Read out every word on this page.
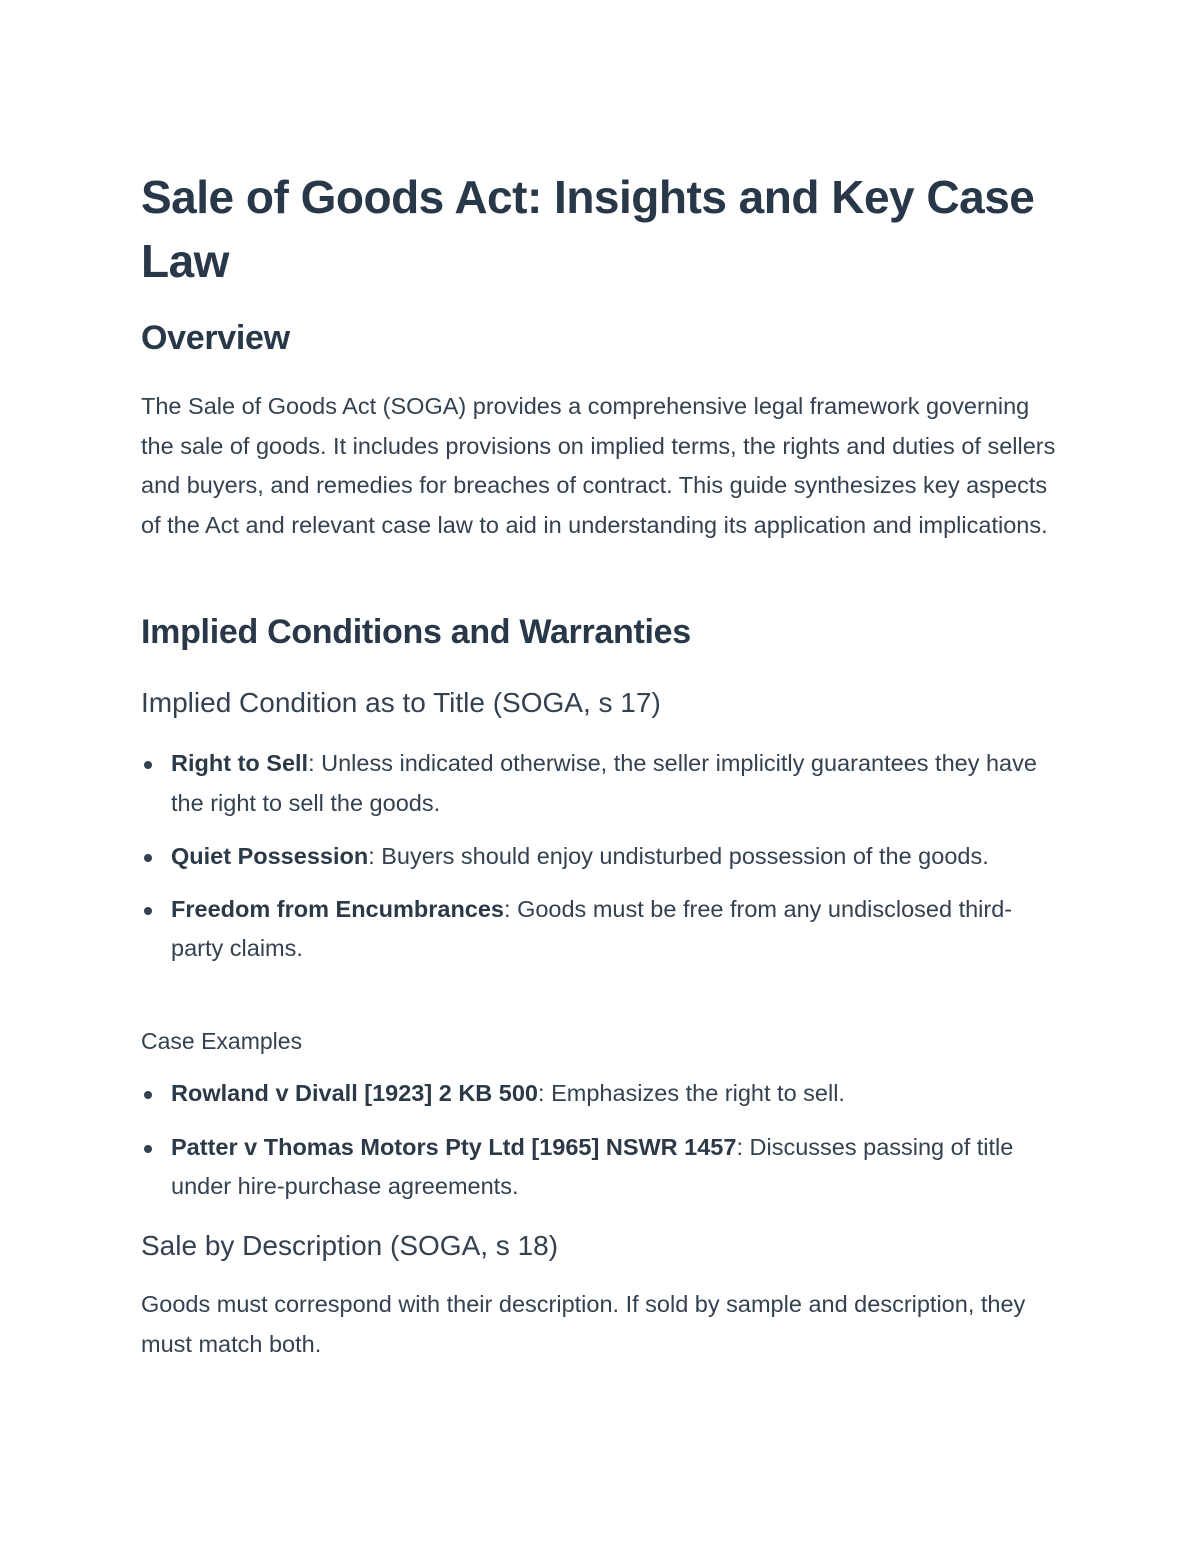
Sale of Goods Act: Insights and Key Case Law
Overview

The Sale of Goods Act (SOGA) provides a comprehensive legal framework governing the sale of goods. It includes provisions on implied terms, the rights and duties of sellers and buyers, and remedies for breaches of contract. This guide synthesizes key aspects of the Act and relevant case law to aid in understanding its application and implications.

Implied Conditions and Warranties
Implied Condition as to Title (SOGA, s 17)
Right to Sell: Unless indicated otherwise, the seller implicitly guarantees they have the right to sell the goods.
Quiet Possession: Buyers should enjoy undisturbed possession of the goods.
Freedom from Encumbrances: Goods must be free from any undisclosed third-party claims.
Case Examples
Rowland v Divall [1923] 2 KB 500: Emphasizes the right to sell.
Patter v Thomas Motors Pty Ltd [1965] NSWR 1457: Discusses passing of title under hire-purchase agreements.
Sale by Description (SOGA, s 18)

Goods must correspond with their description. If sold by sample and description, they must match both.
